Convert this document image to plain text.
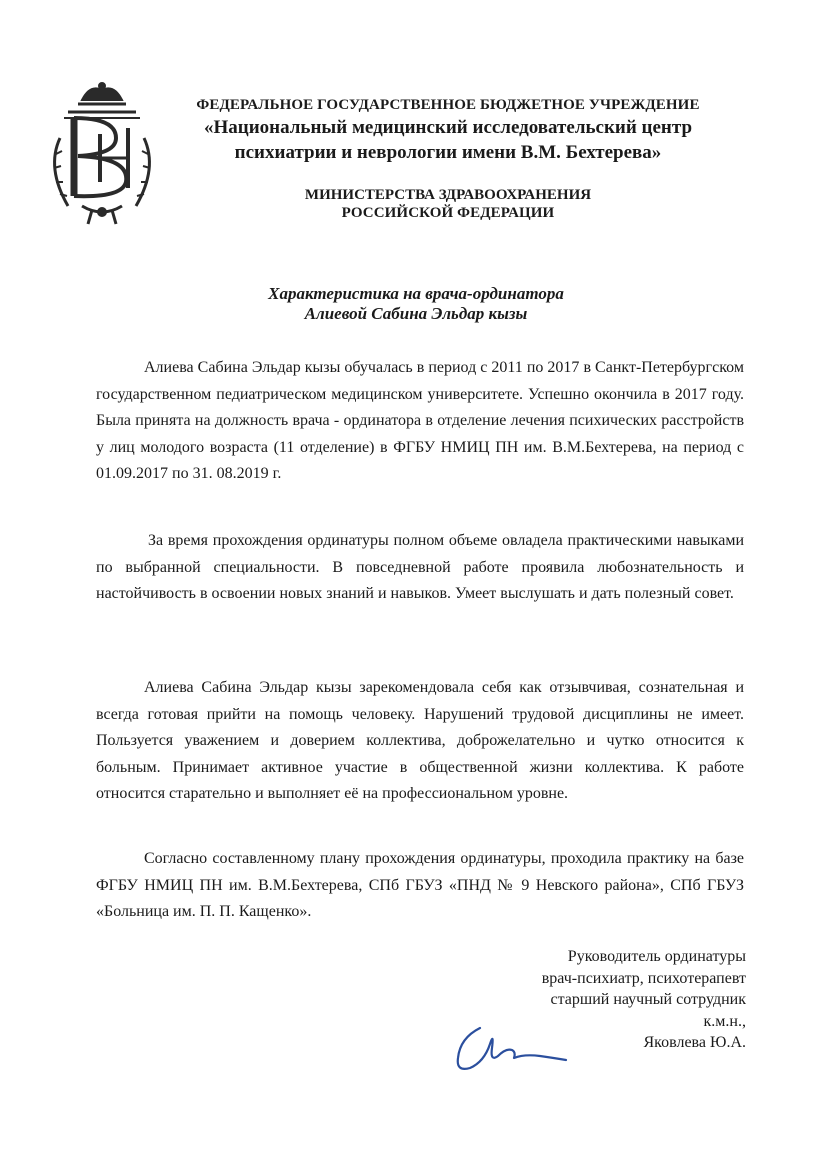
ФЕДЕРАЛЬНОЕ ГОСУДАРСТВЕННОЕ БЮДЖЕТНОЕ УЧРЕЖДЕНИЕ
«Национальный медицинский исследовательский центр
психиатрии и неврологии имени В.М. Бехтерева»
МИНИСТЕРСТВА ЗДРАВООХРАНЕНИЯ
РОССИЙСКОЙ ФЕДЕРАЦИИ
Характеристика на врача-ординатора
Алиевой Сабина Эльдар кызы

Алиева Сабина Эльдар кызы обучалась в период с 2011 по 2017 в Санкт-Петербургском государственном педиатрическом медицинском университете. Успешно окончила в 2017 году. Была принята на должность врача - ординатора в отделение лечения психических расстройств у лиц молодого возраста (11 отделение) в ФГБУ НМИЦ ПН им. В.М.Бехтерева, на период с 01.09.2017 по 31. 08.2019 г.

За время прохождения ординатуры полном объеме овладела практическими навыками по выбранной специальности. В повседневной работе проявила любознательность и настойчивость в освоении новых знаний и навыков. Умеет выслушать и дать полезный совет.

Алиева Сабина Эльдар кызы зарекомендовала себя как отзывчивая, сознательная и всегда готовая прийти на помощь человеку. Нарушений трудовой дисциплины не имеет. Пользуется уважением и доверием коллектива, доброжелательно и чутко относится к больным. Принимает активное участие в общественной жизни коллектива. К работе относится старательно и выполняет её на профессиональном уровне.

Согласно составленному плану прохождения ординатуры, проходила практику на базе ФГБУ НМИЦ ПН им. В.М.Бехтерева, СПб ГБУЗ «ПНД № 9 Невского района», СПб ГБУЗ «Больница им. П. П. Кащенко».

Руководитель ординатуры
врач-психиатр, психотерапевт
старший научный сотрудник
к.м.н.,
Яковлева Ю.А.
